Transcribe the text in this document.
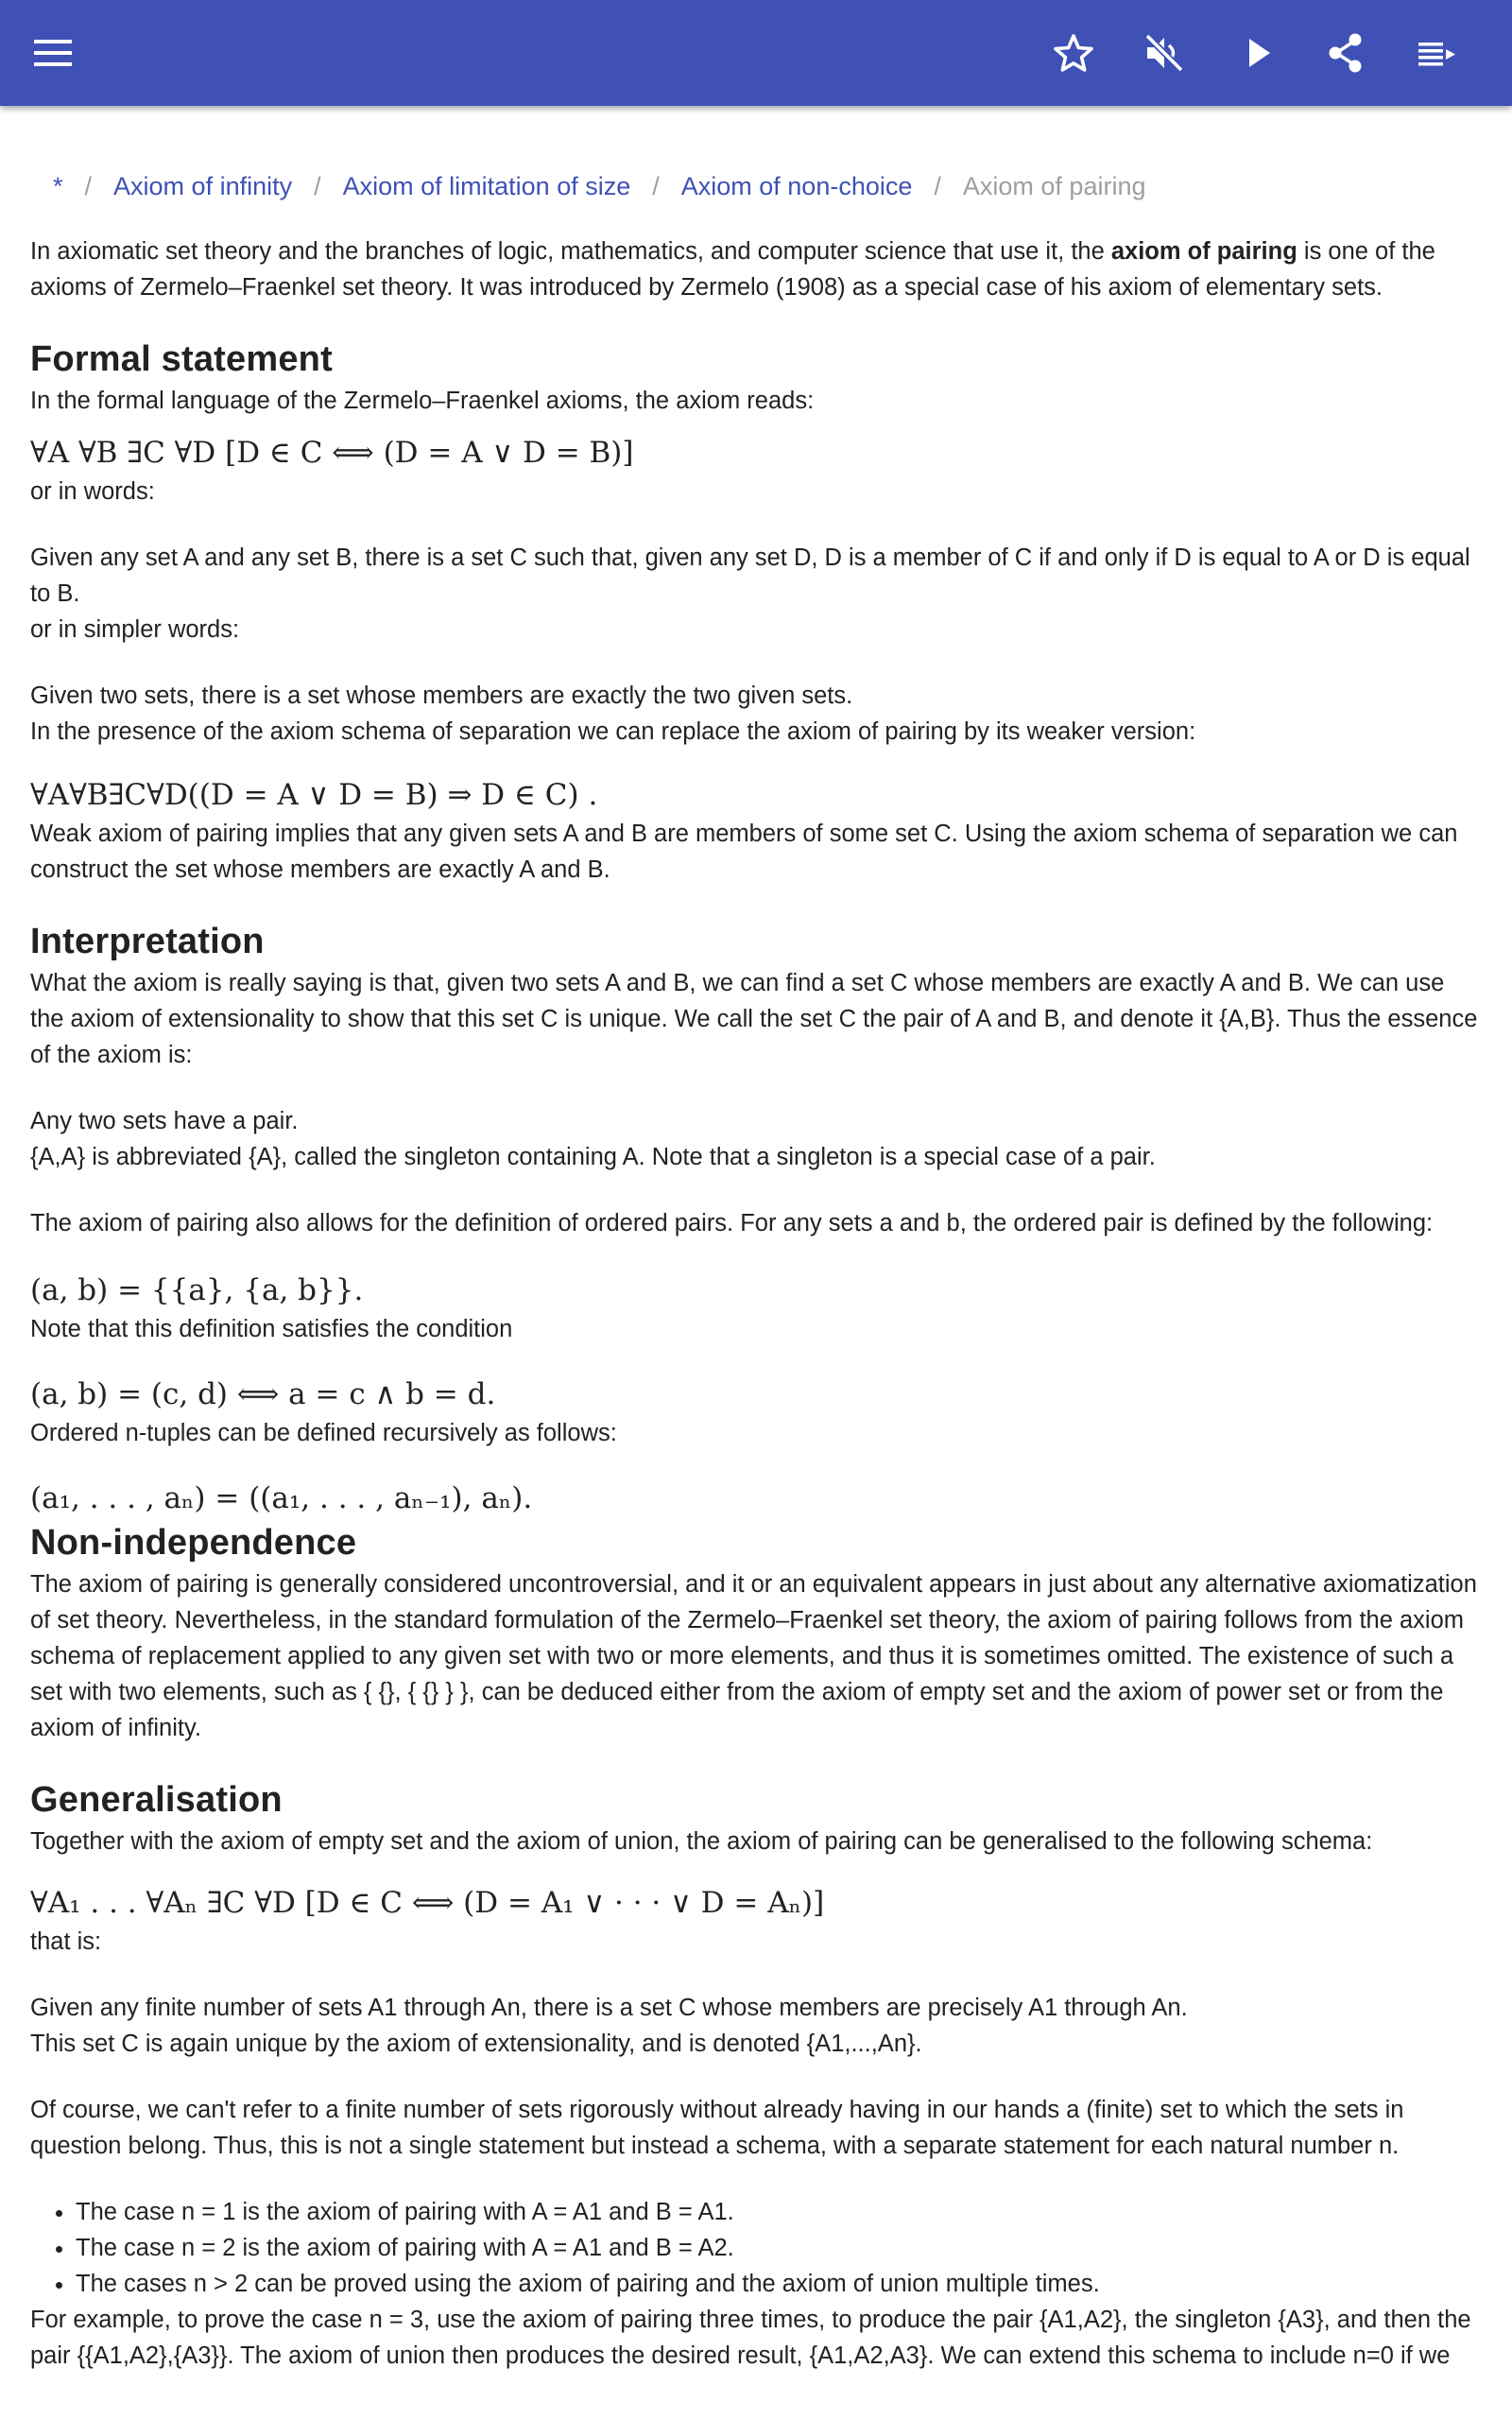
* / Axiom of infinity / Axiom of limitation of size / Axiom of non-choice / Axiom of pairing

In axiomatic set theory and the branches of logic, mathematics, and computer science that use it, the axiom of pairing is one of the axioms of Zermelo–Fraenkel set theory. It was introduced by Zermelo (1908) as a special case of his axiom of elementary sets.

Formal statement

In the formal language of the Zermelo–Fraenkel axioms, the axiom reads:

∀A ∀B ∃C ∀D [D ∈ C ⟺ (D = A ∨ D = B)]

or in words:

Given any set A and any set B, there is a set C such that, given any set D, D is a member of C if and only if D is equal to A or D is equal to B.

or in simpler words:

Given two sets, there is a set whose members are exactly the two given sets.

In the presence of the axiom schema of separation we can replace the axiom of pairing by its weaker version:

∀A∀B∃C∀D((D = A ∨ D = B) ⇒ D ∈ C) .

Weak axiom of pairing implies that any given sets A and B are members of some set C. Using the axiom schema of separation we can construct the set whose members are exactly A and B.

Interpretation

What the axiom is really saying is that, given two sets A and B, we can find a set C whose members are exactly A and B. We can use the axiom of extensionality to show that this set C is unique. We call the set C the pair of A and B, and denote it {A,B}. Thus the essence of the axiom is:

Any two sets have a pair.

{A,A} is abbreviated {A}, called the singleton containing A. Note that a singleton is a special case of a pair.

The axiom of pairing also allows for the definition of ordered pairs. For any sets a and b, the ordered pair is defined by the following:

(a, b) = {{a}, {a, b}}.

Note that this definition satisfies the condition

(a, b) = (c, d) ⟺ a = c ∧ b = d.

Ordered n-tuples can be defined recursively as follows:

(a₁, . . . , aₙ) = ((a₁, . . . , aₙ₋₁), aₙ).
Non-independence

The axiom of pairing is generally considered uncontroversial, and it or an equivalent appears in just about any alternative axiomatization of set theory. Nevertheless, in the standard formulation of the Zermelo–Fraenkel set theory, the axiom of pairing follows from the axiom schema of replacement applied to any given set with two or more elements, and thus it is sometimes omitted. The existence of such a set with two elements, such as { {}, { {} } }, can be deduced either from the axiom of empty set and the axiom of power set or from the axiom of infinity.

Generalisation

Together with the axiom of empty set and the axiom of union, the axiom of pairing can be generalised to the following schema:

∀A₁ . . . ∀Aₙ ∃C ∀D [D ∈ C ⟺ (D = A₁ ∨ · · · ∨ D = Aₙ)]

that is:

Given any finite number of sets A1 through An, there is a set C whose members are precisely A1 through An.

This set C is again unique by the axiom of extensionality, and is denoted {A1,...,An}.

Of course, we can't refer to a finite number of sets rigorously without already having in our hands a (finite) set to which the sets in question belong. Thus, this is not a single statement but instead a schema, with a separate statement for each natural number n.

• The case n = 1 is the axiom of pairing with A = A1 and B = A1.
• The case n = 2 is the axiom of pairing with A = A1 and B = A2.
• The cases n > 2 can be proved using the axiom of pairing and the axiom of union multiple times.

For example, to prove the case n = 3, use the axiom of pairing three times, to produce the pair {A1,A2}, the singleton {A3}, and then the pair {{A1,A2},{A3}}. The axiom of union then produces the desired result, {A1,A2,A3}. We can extend this schema to include n=0 if we
